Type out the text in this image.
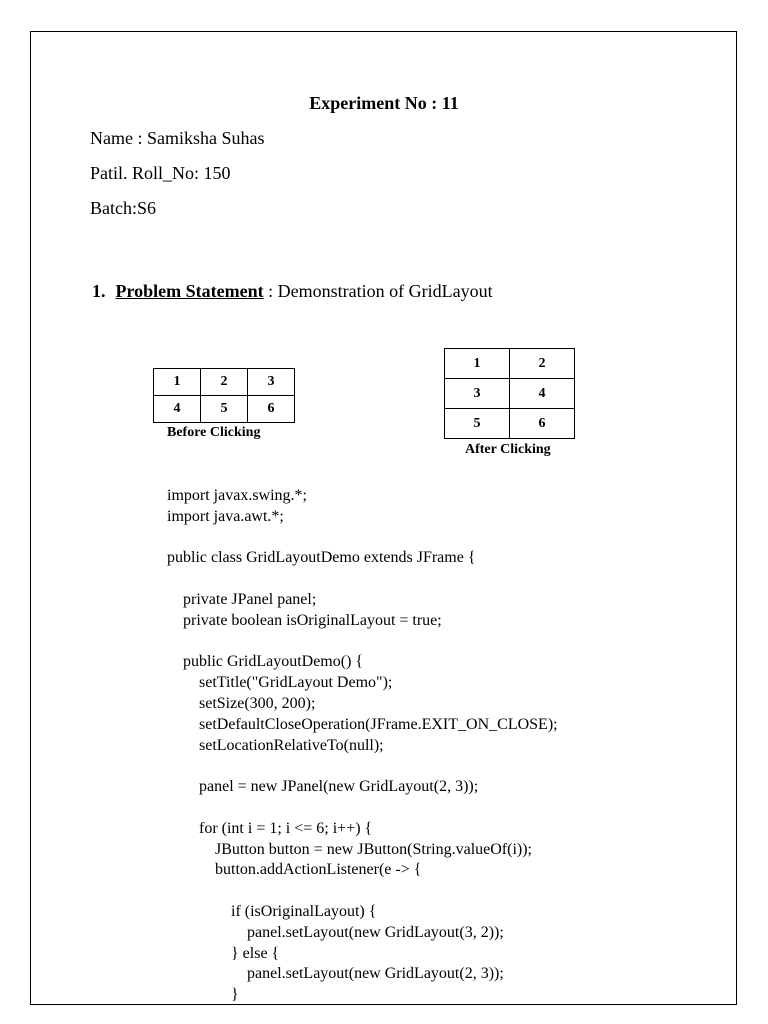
Experiment No : 11
Name : Samiksha Suhas
Patil. Roll_No: 150
Batch:S6
1. Problem Statement : Demonstration of GridLayout
1	2	3
4	5	6
Before Clicking
1	2
3	4
5	6
After Clicking
import javax.swing.*;
import java.awt.*;
public class GridLayoutDemo extends JFrame {
private JPanel panel;
private boolean isOriginalLayout = true;
public GridLayoutDemo() {
setTitle("GridLayout Demo");
setSize(300, 200);
setDefaultCloseOperation(JFrame.EXIT_ON_CLOSE);
setLocationRelativeTo(null);
panel = new JPanel(new GridLayout(2, 3));
for (int i = 1; i <= 6; i++) {
JButton button = new JButton(String.valueOf(i));
button.addActionListener(e -> {
if (isOriginalLayout) {
panel.setLayout(new GridLayout(3, 2));
} else {
panel.setLayout(new GridLayout(2, 3));
}
